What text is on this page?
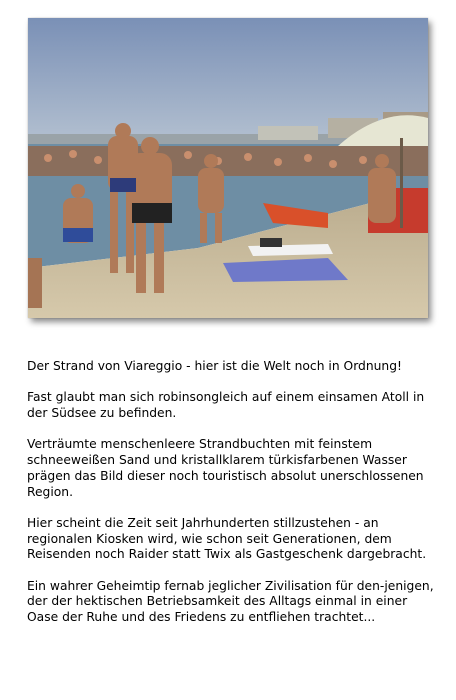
Der Strand von Viareggio - hier ist die Welt noch in Ordnung!

Fast glaubt man sich robinsongleich auf einem einsamen Atoll in der Südsee zu befinden.

Verträumte menschenleere Strandbuchten mit feinstem schneeweißen Sand und kristallklarem türkisfarbenen Wasser prägen das Bild dieser noch touristisch absolut unerschlossenen Region.

Hier scheint die Zeit seit Jahrhunderten stillzustehen - an regionalen Kiosken wird, wie schon seit Generationen, dem Reisenden noch Raider statt Twix als Gastgeschenk dargebracht.

Ein wahrer Geheimtip fernab jeglicher Zivilisation für den-jenigen, der der hektischen Betriebsamkeit des Alltags einmal in einer Oase der Ruhe und des Friedens zu entfliehen trachtet...
